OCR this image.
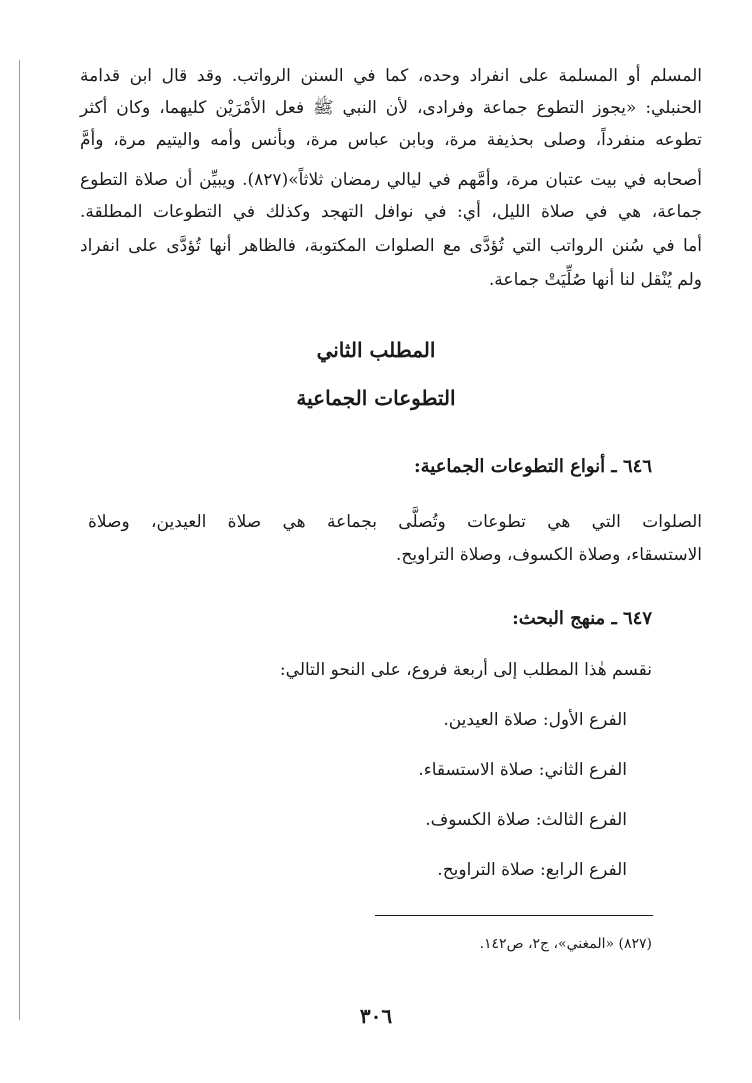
المسلم أو المسلمة على انفراد وحده، كما في السنن الرواتب. وقد قال ابن قدامة
الحنبلي: «يجوز التطوع جماعة وفرادى، لأن النبي ﷺ فعل الأمْرَيْن كليهما، وكان أكثر
تطوعه منفرداً، وصلى بحذيفة مرة، وبابن عباس مرة، وبأنس وأمه واليتيم مرة، وأمَّ
أصحابه في بيت عتبان مرة، وأمَّهم في ليالي رمضان ثلاثاً»(٨٢٧). ويبيِّن أن صلاة التطوع
جماعة، هي في صلاة الليل، أي: في نوافل التهجد وكذلك في التطوعات المطلقة.
أما في سُنن الرواتب التي تُؤدَّى مع الصلوات المكتوبة، فالظاهر أنها تُؤدَّى على انفراد
ولم يُنْقل لنا أنها صُلِّيَتْ جماعة.
المطلب الثاني
التطوعات الجماعية
٦٤٦ ـ أنواع التطوعات الجماعية:
الصلوات التي هي تطوعات وتُصلَّى بجماعة هي صلاة العيدين، وصلاة
الاستسقاء، وصلاة الكسوف، وصلاة التراويح.
٦٤٧ ـ منهج البحث:
نقسم هٰذا المطلب إلى أربعة فروع، على النحو التالي:
الفرع الأول: صلاة العيدين.
الفرع الثاني: صلاة الاستسقاء.
الفرع الثالث: صلاة الكسوف.
الفرع الرابع: صلاة التراويح.
(٨٢٧) «المغني»، ج٢، ص١٤٢.
٣٠٦
